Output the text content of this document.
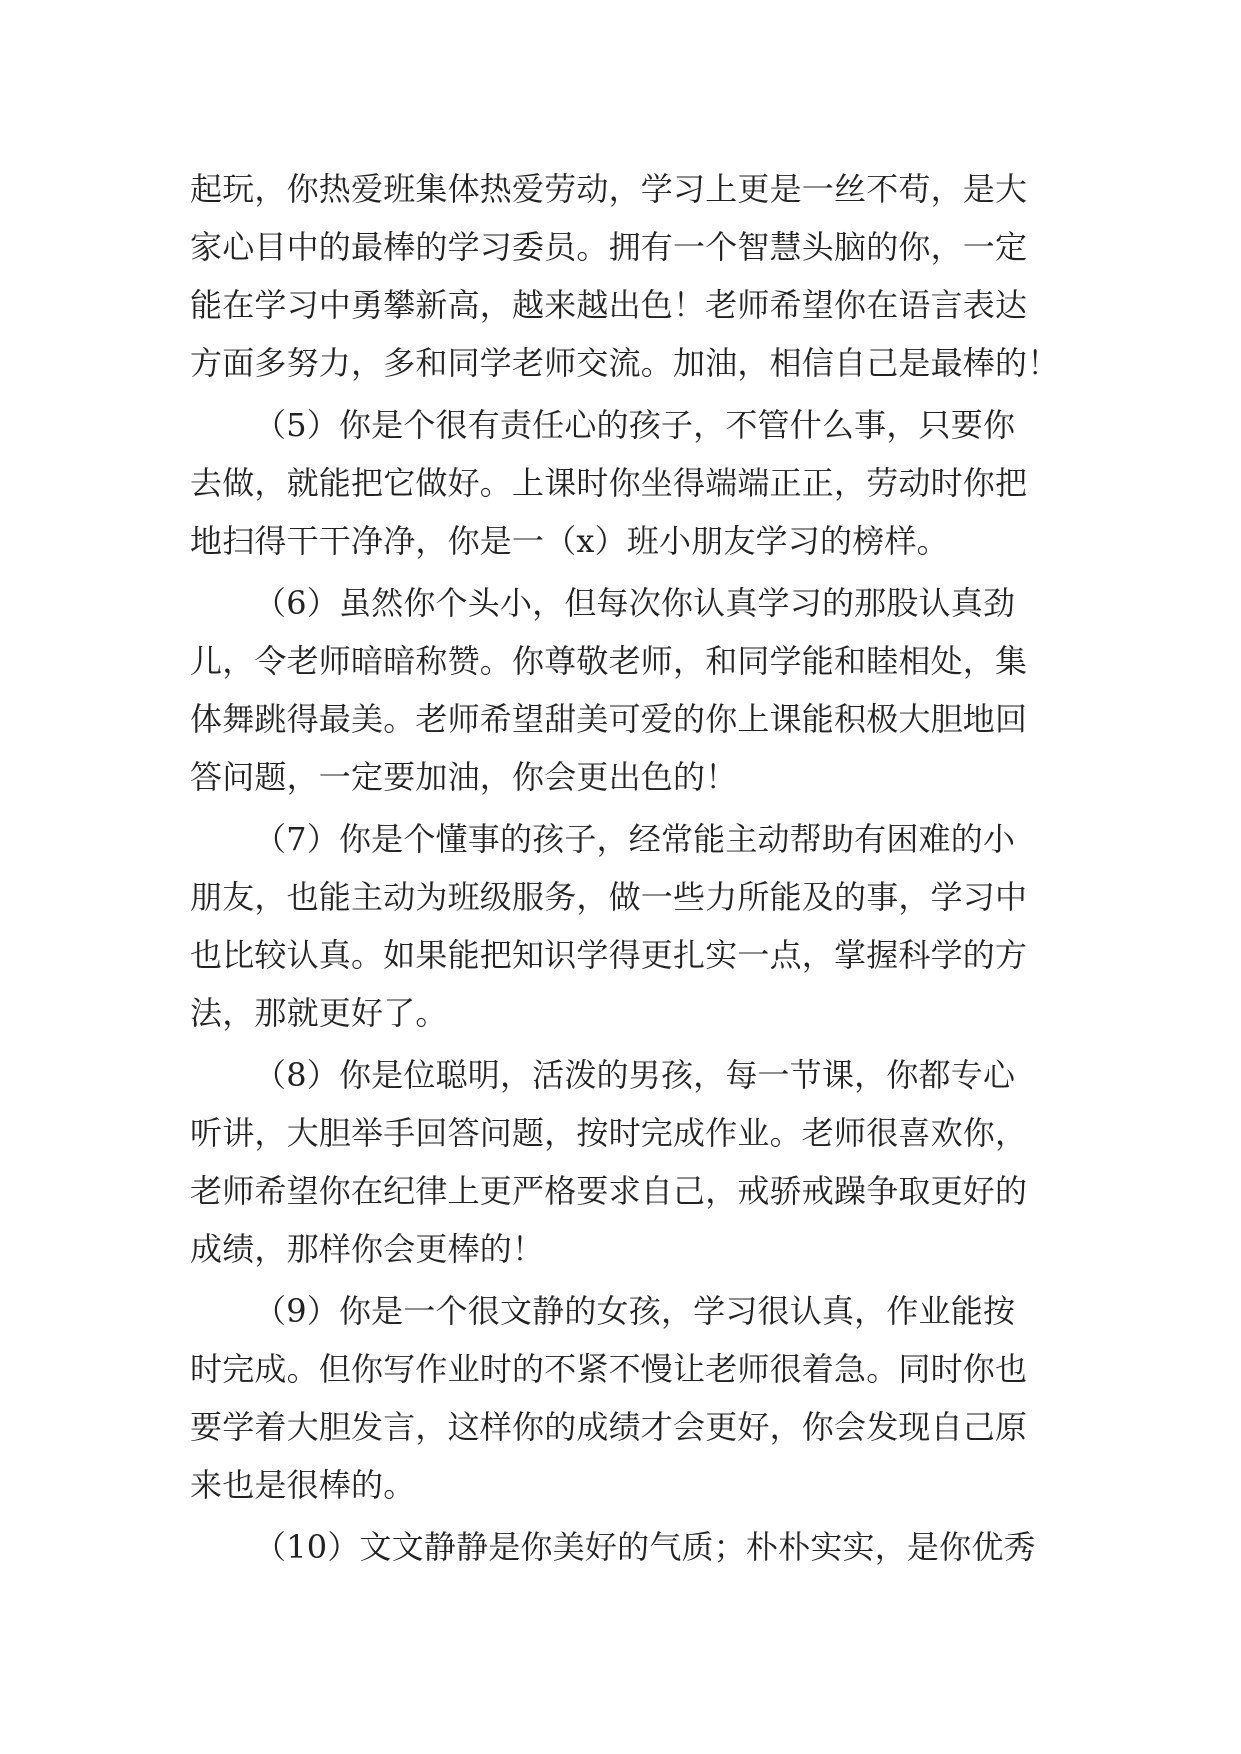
起玩，你热爱班集体热爱劳动，学习上更是一丝不苟，是大
家心目中的最棒的学习委员。拥有一个智慧头脑的你，一定
能在学习中勇攀新高，越来越出色！老师希望你在语言表达
方面多努力，多和同学老师交流。加油，相信自己是最棒的！
（5）你是个很有责任心的孩子，不管什么事，只要你
去做，就能把它做好。上课时你坐得端端正正，劳动时你把
地扫得干干净净，你是一（x）班小朋友学习的榜样。
（6）虽然你个头小，但每次你认真学习的那股认真劲
儿，令老师暗暗称赞。你尊敬老师，和同学能和睦相处，集
体舞跳得最美。老师希望甜美可爱的你上课能积极大胆地回
答问题，一定要加油，你会更出色的！
（7）你是个懂事的孩子，经常能主动帮助有困难的小
朋友，也能主动为班级服务，做一些力所能及的事，学习中
也比较认真。如果能把知识学得更扎实一点，掌握科学的方
法，那就更好了。
（8）你是位聪明，活泼的男孩，每一节课，你都专心
听讲，大胆举手回答问题，按时完成作业。老师很喜欢你，
老师希望你在纪律上更严格要求自己，戒骄戒躁争取更好的
成绩，那样你会更棒的！
（9）你是一个很文静的女孩，学习很认真，作业能按
时完成。但你写作业时的不紧不慢让老师很着急。同时你也
要学着大胆发言，这样你的成绩才会更好，你会发现自己原
来也是很棒的。
（10）文文静静是你美好的气质；朴朴实实，是你优秀
